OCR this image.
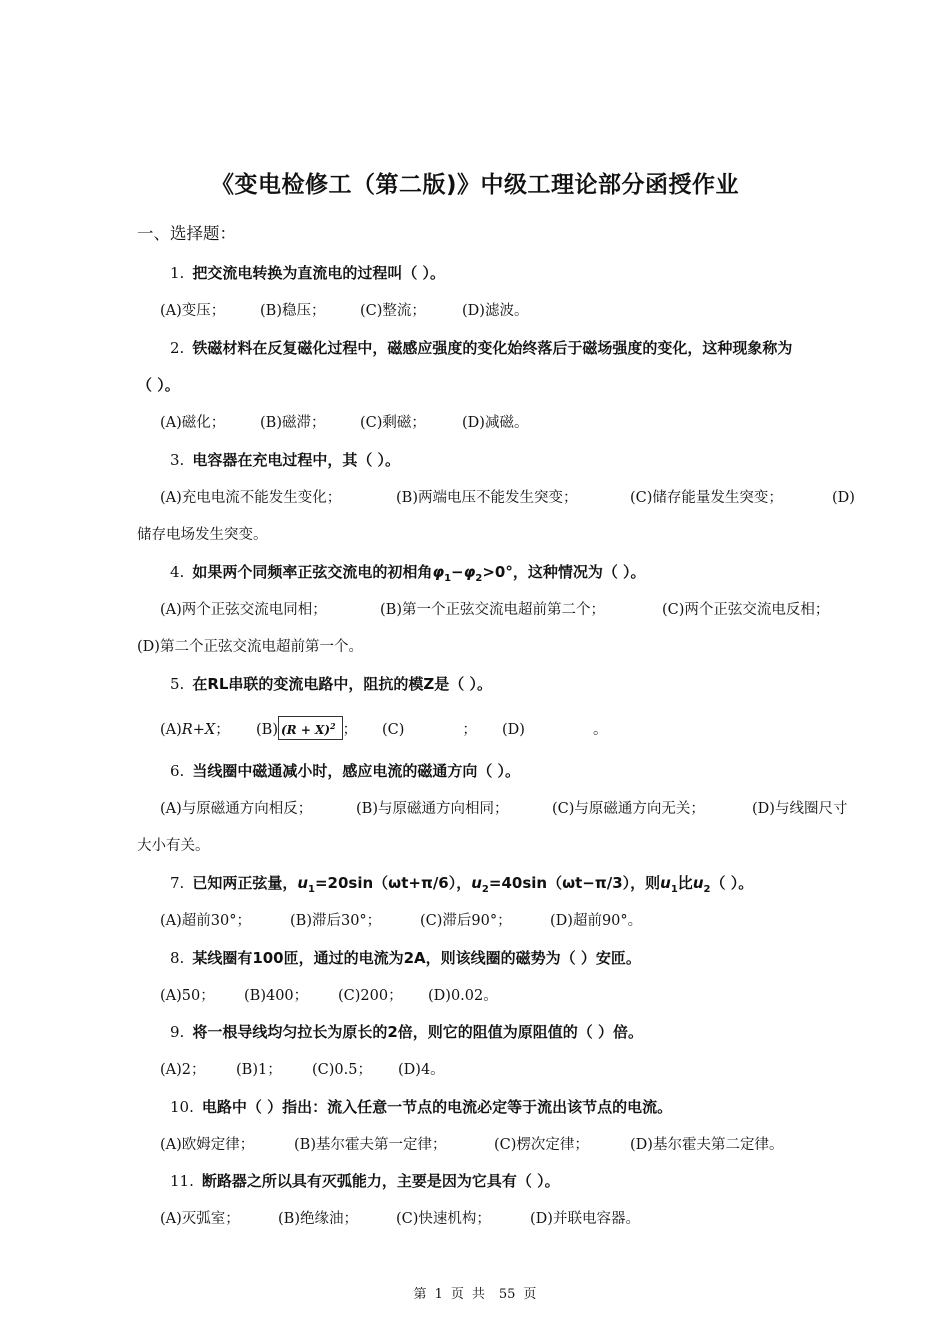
《变电检修工（第二版)》中级工理论部分函授作业
一、选择题：
1. 把交流电转换为直流电的过程叫（ ）。
(A)变压； (B)稳压； (C)整流； (D)滤波。
2. 铁磁材料在反复磁化过程中，磁感应强度的变化始终落后于磁场强度的变化，这种现象称为
（ ）。
(A)磁化； (B)磁滞； (C)剩磁； (D)减磁。
3. 电容器在充电过程中，其（ ）。
(A)充电电流不能发生变化；	(B)两端电压不能发生突变；	(C)储存能量发生突变；	(D)
储存电场发生突变。
4. 如果两个同频率正弦交流电的初相角$\varphi_1-\varphi_2>0^\circ$，这种情况为（ ）。
(A)两个正弦交流电同相；	(B)第一个正弦交流电超前第二个；	(C)两个正弦交流电反相；
(D)第二个正弦交流电超前第一个。
5. 在RL串联的变流电路中，阻抗的模Z是（ ）。
(A)R+X； (B) $(R + X)^2$ ； (C)	； (D)	。
6. 当线圈中磁通减小时，感应电流的磁通方向（ ）。
(A)与原磁通方向相反；	(B)与原磁通方向相同；	(C)与原磁通方向无关；	(D)与线圈尺寸
大小有关。
7. 已知两正弦量，$u_1=20\sin(\omega t+\pi/6)$，$u_2=40\sin(\omega t-\pi/3)$，则$u_1$比$u_2$（ ）。
(A)超前30°；	(B)滞后30°；	(C)滞后90°；	(D)超前90°。
8. 某线圈有100匝，通过的电流为2A，则该线圈的磁势为（ ）安匝。
(A)50； (B)400； (C)200； (D)0.02。
9. 将一根导线均匀拉长为原长的2倍，则它的阻值为原阻值的（ ）倍。
(A)2； (B)1； (C)0.5； (D)4。
10. 电路中（ ）指出：流入任意一节点的电流必定等于流出该节点的电流。
(A)欧姆定律；	(B)基尔霍夫第一定律；	(C)楞次定律；	(D)基尔霍夫第二定律。
11. 断路器之所以具有灭弧能力，主要是因为它具有（ ）。
(A)灭弧室；	(B)绝缘油；	(C)快速机构；	(D)并联电容器。
第 1 页 共 55 页
